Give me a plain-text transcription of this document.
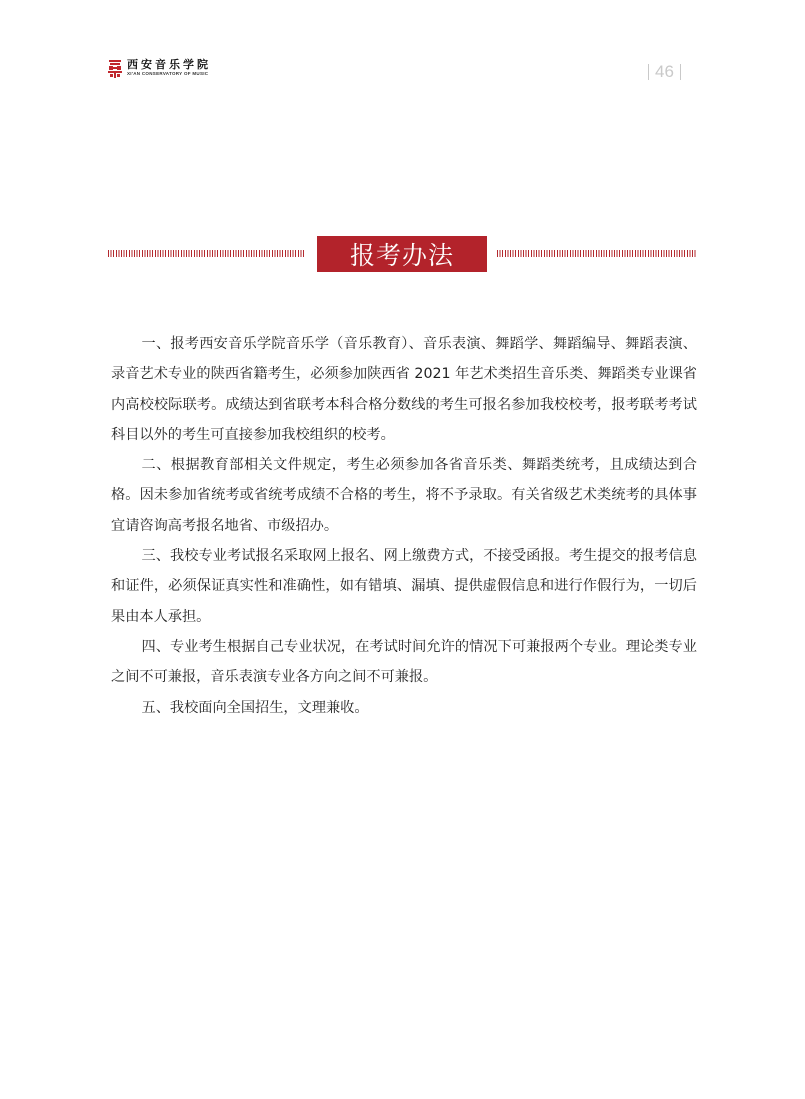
西安音乐学院
XI'AN CONSERVATORY OF MUSIC	46
报考办法

一、报考西安音乐学院音乐学（音乐教育）、音乐表演、舞蹈学、舞蹈编导、舞蹈表演、录音艺术专业的陕西省籍考生，必须参加陕西省 2021 年艺术类招生音乐类、舞蹈类专业课省内高校校际联考。成绩达到省联考本科合格分数线的考生可报名参加我校校考，报考联考考试科目以外的考生可直接参加我校组织的校考。

二、根据教育部相关文件规定，考生必须参加各省音乐类、舞蹈类统考，且成绩达到合格。因未参加省统考或省统考成绩不合格的考生，将不予录取。有关省级艺术类统考的具体事宜请咨询高考报名地省、市级招办。

三、我校专业考试报名采取网上报名、网上缴费方式，不接受函报。考生提交的报考信息和证件，必须保证真实性和准确性，如有错填、漏填、提供虚假信息和进行作假行为，一切后果由本人承担。

四、专业考生根据自己专业状况，在考试时间允许的情况下可兼报两个专业。理论类专业之间不可兼报，音乐表演专业各方向之间不可兼报。

五、我校面向全国招生，文理兼收。
